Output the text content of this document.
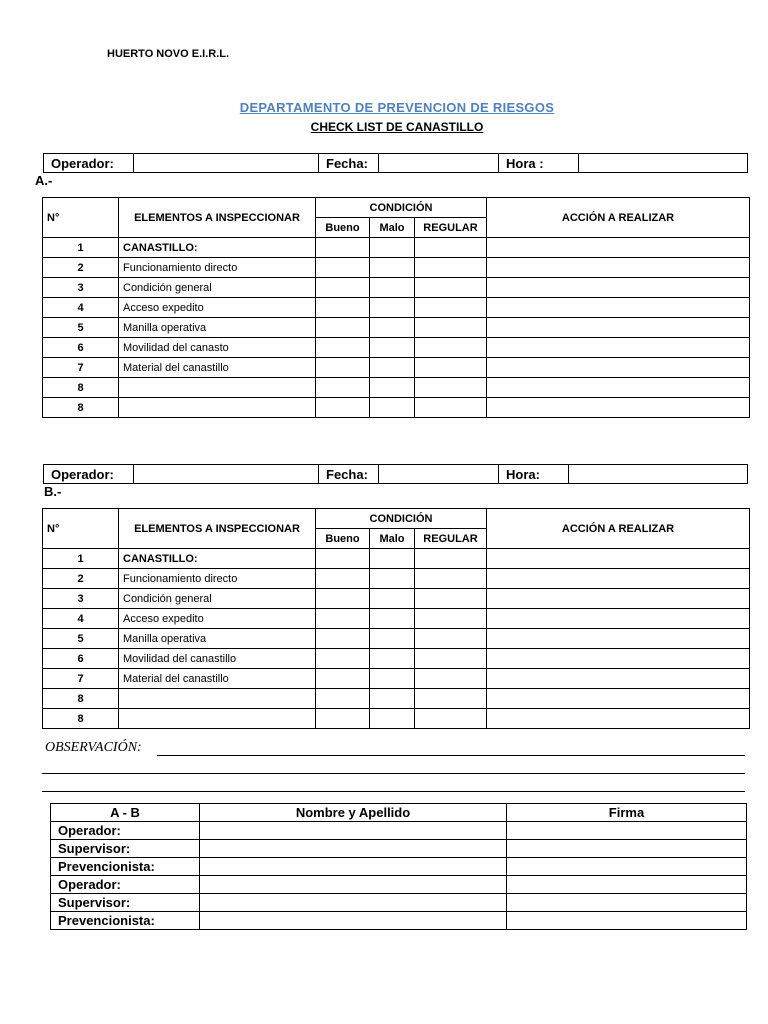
HUERTO NOVO E.I.R.L.
DEPARTAMENTO DE PREVENCION DE RIESGOS
CHECK LIST DE CANASTILLO
Operador:		Fecha:		Hora :	
A.-
N°	ELEMENTOS A INSPECCIONAR	CONDICIÓN			ACCIÓN A REALIZAR
		Bueno	Malo	REGULAR	
1	CANASTILLO:				
2	Funcionamiento directo				
3	Condición general				
4	Acceso expedito				
5	Manilla operativa				
6	Movilidad del canasto				
7	Material del canastillo				
8					
8					
Operador:		Fecha:		Hora:	
B.-
N°	ELEMENTOS A INSPECCIONAR	CONDICIÓN			ACCIÓN A REALIZAR
		Bueno	Malo	REGULAR	
1	CANASTILLO:				
2	Funcionamiento directo				
3	Condición general				
4	Acceso expedito				
5	Manilla operativa				
6	Movilidad del canastillo				
7	Material del canastillo				
8					
8					
OBSERVACIÓN:
A - B	Nombre y Apellido	Firma
Operador:		
Supervisor:		
Prevencionista:		
Operador:		
Supervisor:		
Prevencionista:		
